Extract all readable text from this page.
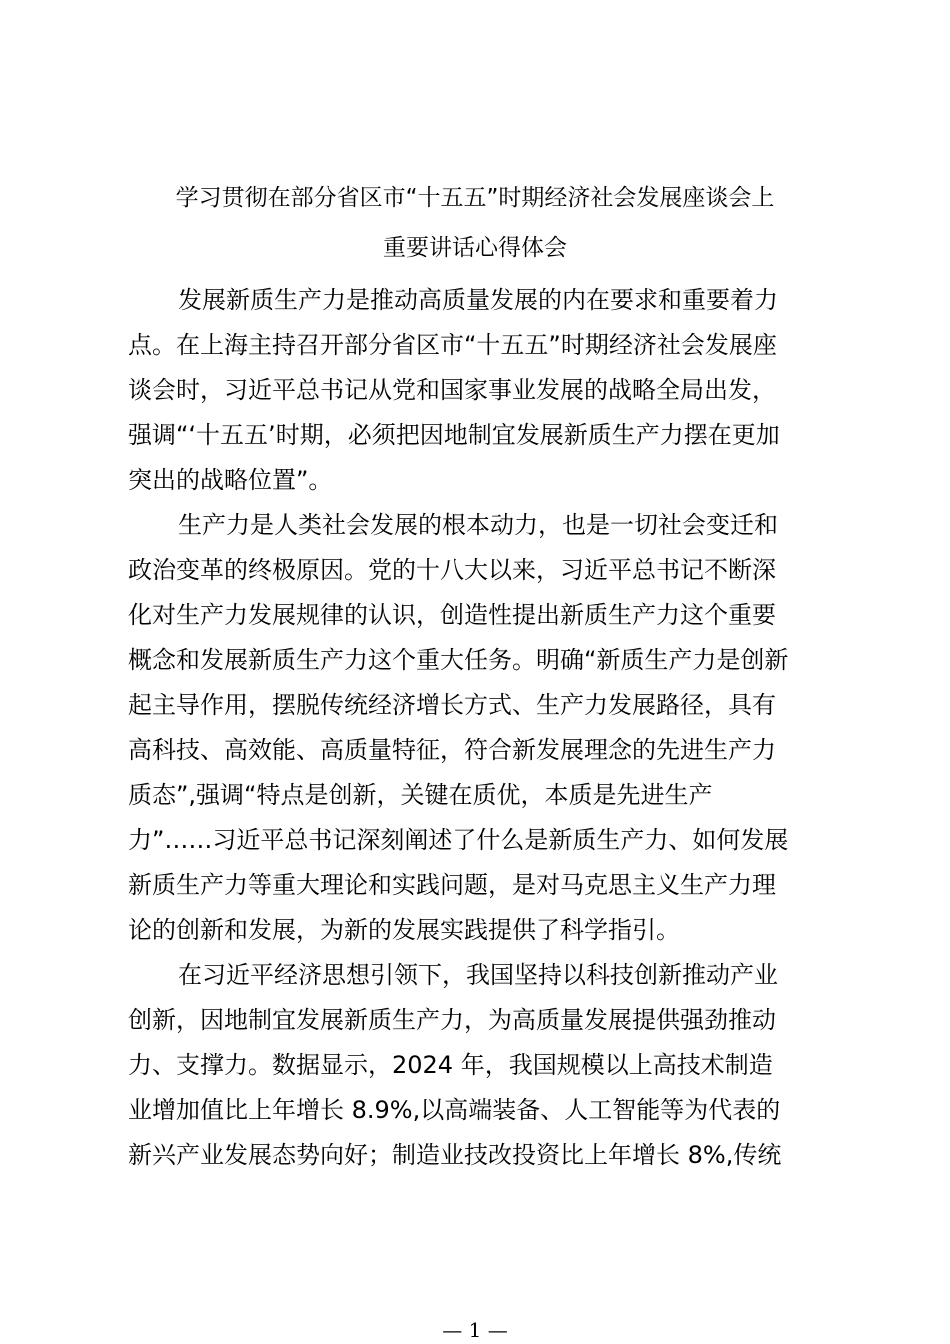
学习贯彻在部分省区市“十五五”时期经济社会发展座谈会上
重要讲话心得体会

发展新质生产力是推动高质量发展的内在要求和重要着力

点。在上海主持召开部分省区市“十五五”时期经济社会发展座

谈会时，习近平总书记从党和国家事业发展的战略全局出发，

强调“‘十五五’时期，必须把因地制宜发展新质生产力摆在更加

突出的战略位置”。

生产力是人类社会发展的根本动力，也是一切社会变迁和

政治变革的终极原因。党的十八大以来，习近平总书记不断深

化对生产力发展规律的认识，创造性提出新质生产力这个重要

概念和发展新质生产力这个重大任务。明确“新质生产力是创新

起主导作用，摆脱传统经济增长方式、生产力发展路径，具有

高科技、高效能、高质量特征，符合新发展理念的先进生产力

质态”,强调“特点是创新，关键在质优，本质是先进生产

力”……习近平总书记深刻阐述了什么是新质生产力、如何发展

新质生产力等重大理论和实践问题，是对马克思主义生产力理

论的创新和发展，为新的发展实践提供了科学指引。

在习近平经济思想引领下，我国坚持以科技创新推动产业

创新，因地制宜发展新质生产力，为高质量发展提供强劲推动

力、支撑力。数据显示，2024 年，我国规模以上高技术制造

业增加值比上年增长 8.9%,以高端装备、人工智能等为代表的

新兴产业发展态势向好；制造业技改投资比上年增长 8%,传统

— 1 —
